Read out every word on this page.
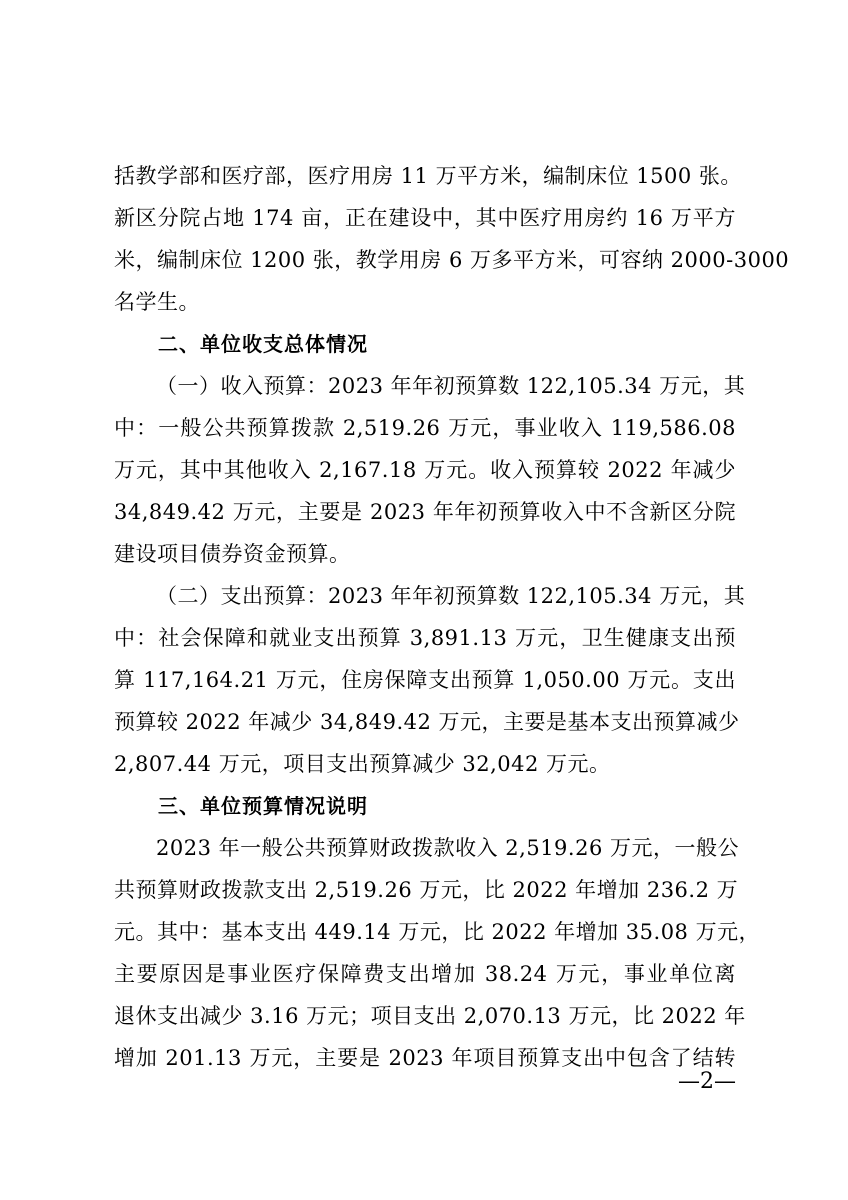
括教学部和医疗部，医疗用房 11 万平方米，编制床位 1500 张。
新区分院占地 174 亩，正在建设中，其中医疗用房约 16 万平方
米，编制床位 1200 张，教学用房 6 万多平方米，可容纳 2000-3000
名学生。
二、单位收支总体情况
（一）收入预算：2023 年年初预算数 122,105.34 万元，其
中：一般公共预算拨款 2,519.26 万元，事业收入 119,586.08
万元，其中其他收入 2,167.18 万元。收入预算较 2022 年减少
34,849.42 万元，主要是 2023 年年初预算收入中不含新区分院
建设项目债券资金预算。
（二）支出预算：2023 年年初预算数 122,105.34 万元，其
中：社会保障和就业支出预算 3,891.13 万元，卫生健康支出预
算 117,164.21 万元，住房保障支出预算 1,050.00 万元。支出
预算较 2022 年减少 34,849.42 万元，主要是基本支出预算减少
2,807.44 万元，项目支出预算减少 32,042 万元。
三、单位预算情况说明
2023 年一般公共预算财政拨款收入 2,519.26 万元，一般公
共预算财政拨款支出 2,519.26 万元，比 2022 年增加 236.2 万
元。其中：基本支出 449.14 万元，比 2022 年增加 35.08 万元，
主要原因是事业医疗保障费支出增加 38.24 万元，事业单位离
退休支出减少 3.16 万元；项目支出 2,070.13 万元，比 2022 年
增加 201.13 万元，主要是 2023 年项目预算支出中包含了结转
—2—
